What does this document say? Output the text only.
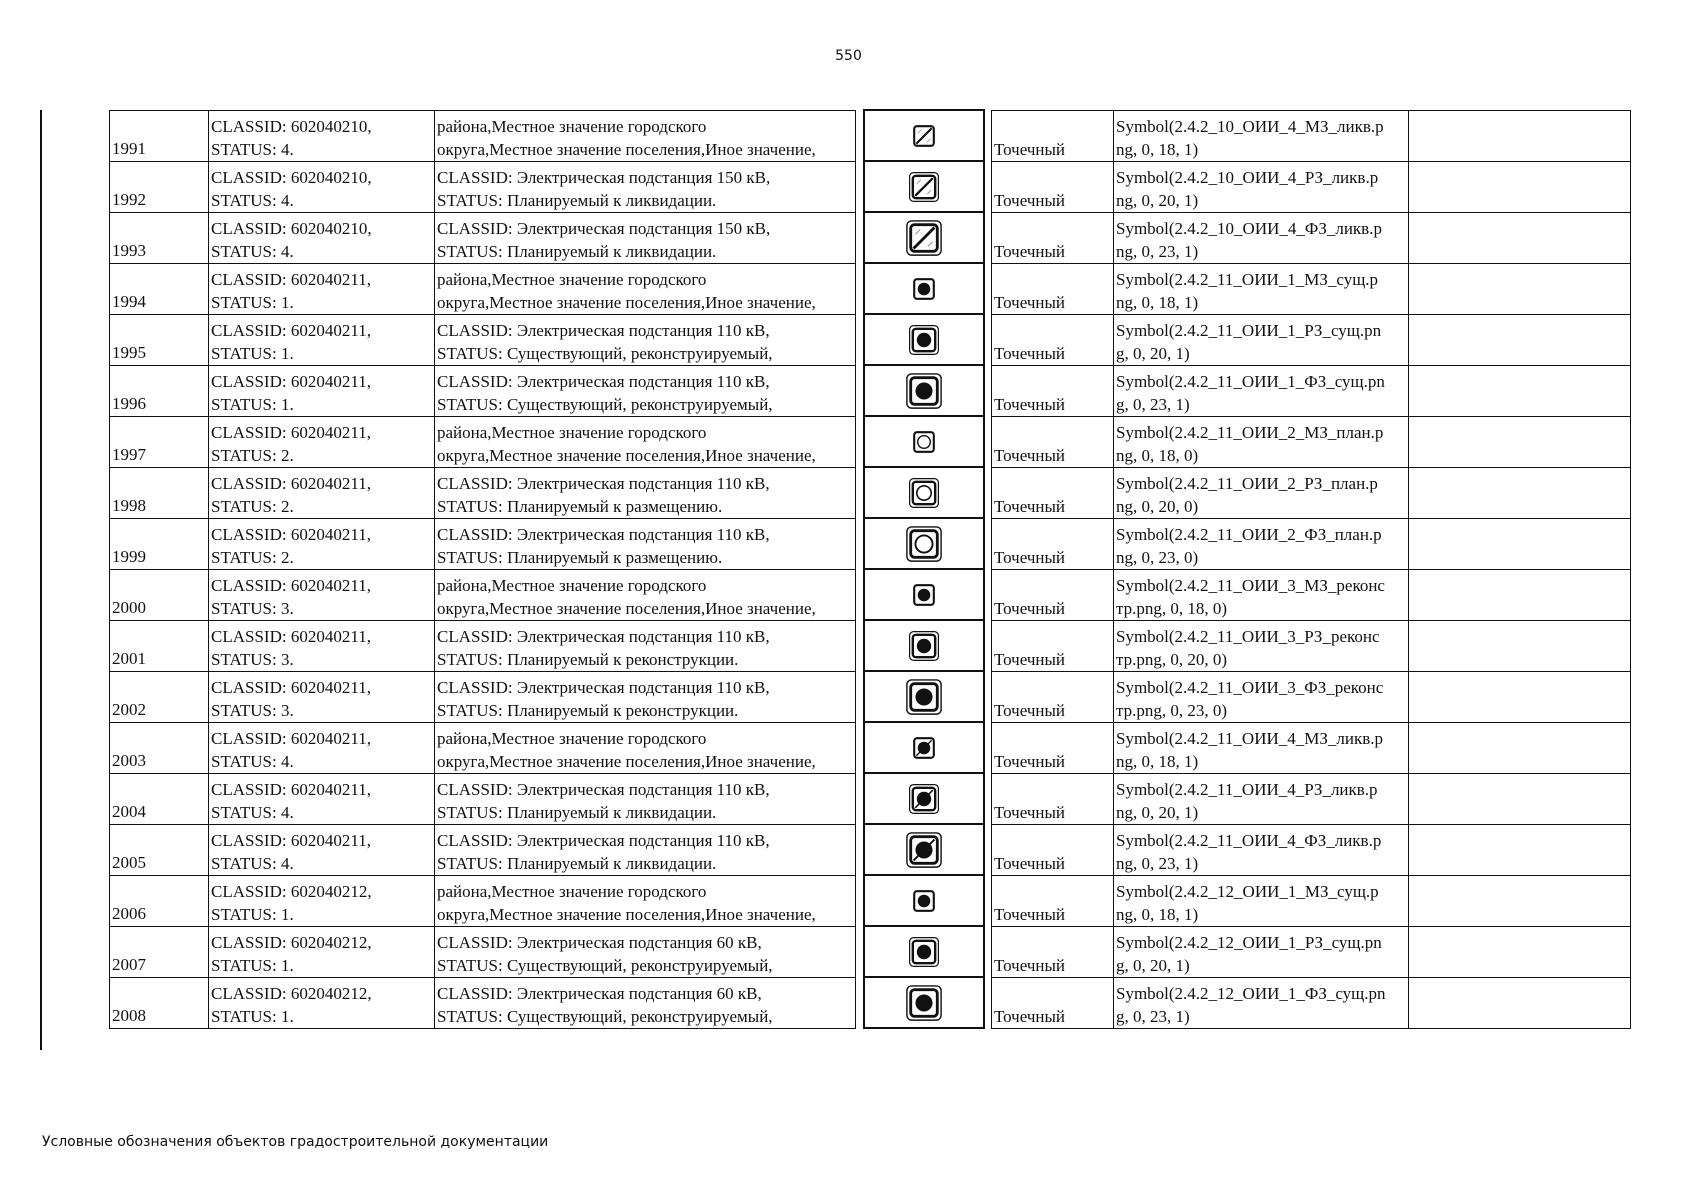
550
1991	CLASSID: 602040210,
STATUS: 4.	района,Местное значение городского
округа,Местное значение поселения,Иное значение,				Точечный	Symbol(2.4.2_10_ОИИ_4_МЗ_ликв.p
ng, 0, 18, 1)	

1992	CLASSID: 602040210,
STATUS: 4.	CLASSID: Электрическая подстанция 150 кВ,
STATUS: Планируемый к ликвидации.				Точечный	Symbol(2.4.2_10_ОИИ_4_РЗ_ликв.p
ng, 0, 20, 1)	

1993	CLASSID: 602040210,
STATUS: 4.	CLASSID: Электрическая подстанция 150 кВ,
STATUS: Планируемый к ликвидации.				Точечный	Symbol(2.4.2_10_ОИИ_4_ФЗ_ликв.p
ng, 0, 23, 1)	

1994	CLASSID: 602040211,
STATUS: 1.	района,Местное значение городского
округа,Местное значение поселения,Иное значение,				Точечный	Symbol(2.4.2_11_ОИИ_1_МЗ_сущ.p
ng, 0, 18, 1)	

1995	CLASSID: 602040211,
STATUS: 1.	CLASSID: Электрическая подстанция 110 кВ,
STATUS: Существующий, реконструируемый,				Точечный	Symbol(2.4.2_11_ОИИ_1_РЗ_сущ.pn
g, 0, 20, 1)	

1996	CLASSID: 602040211,
STATUS: 1.	CLASSID: Электрическая подстанция 110 кВ,
STATUS: Существующий, реконструируемый,				Точечный	Symbol(2.4.2_11_ОИИ_1_ФЗ_сущ.pn
g, 0, 23, 1)	

1997	CLASSID: 602040211,
STATUS: 2.	района,Местное значение городского
округа,Местное значение поселения,Иное значение,				Точечный	Symbol(2.4.2_11_ОИИ_2_МЗ_план.p
ng, 0, 18, 0)	

1998	CLASSID: 602040211,
STATUS: 2.	CLASSID: Электрическая подстанция 110 кВ,
STATUS: Планируемый к размещению.				Точечный	Symbol(2.4.2_11_ОИИ_2_РЗ_план.p
ng, 0, 20, 0)	

1999	CLASSID: 602040211,
STATUS: 2.	CLASSID: Электрическая подстанция 110 кВ,
STATUS: Планируемый к размещению.				Точечный	Symbol(2.4.2_11_ОИИ_2_ФЗ_план.p
ng, 0, 23, 0)	

2000	CLASSID: 602040211,
STATUS: 3.	района,Местное значение городского
округа,Местное значение поселения,Иное значение,				Точечный	Symbol(2.4.2_11_ОИИ_3_МЗ_реконс
тр.png, 0, 18, 0)	

2001	CLASSID: 602040211,
STATUS: 3.	CLASSID: Электрическая подстанция 110 кВ,
STATUS: Планируемый к реконструкции.				Точечный	Symbol(2.4.2_11_ОИИ_3_РЗ_реконс
тр.png, 0, 20, 0)	

2002	CLASSID: 602040211,
STATUS: 3.	CLASSID: Электрическая подстанция 110 кВ,
STATUS: Планируемый к реконструкции.				Точечный	Symbol(2.4.2_11_ОИИ_3_ФЗ_реконс
тр.png, 0, 23, 0)	

2003	CLASSID: 602040211,
STATUS: 4.	района,Местное значение городского
округа,Местное значение поселения,Иное значение,				Точечный	Symbol(2.4.2_11_ОИИ_4_МЗ_ликв.p
ng, 0, 18, 1)	

2004	CLASSID: 602040211,
STATUS: 4.	CLASSID: Электрическая подстанция 110 кВ,
STATUS: Планируемый к ликвидации.				Точечный	Symbol(2.4.2_11_ОИИ_4_РЗ_ликв.p
ng, 0, 20, 1)	

2005	CLASSID: 602040211,
STATUS: 4.	CLASSID: Электрическая подстанция 110 кВ,
STATUS: Планируемый к ликвидации.				Точечный	Symbol(2.4.2_11_ОИИ_4_ФЗ_ликв.p
ng, 0, 23, 1)	

2006	CLASSID: 602040212,
STATUS: 1.	района,Местное значение городского
округа,Местное значение поселения,Иное значение,				Точечный	Symbol(2.4.2_12_ОИИ_1_МЗ_сущ.p
ng, 0, 18, 1)	

2007	CLASSID: 602040212,
STATUS: 1.	CLASSID: Электрическая подстанция 60 кВ,
STATUS: Существующий, реконструируемый,				Точечный	Symbol(2.4.2_12_ОИИ_1_РЗ_сущ.pn
g, 0, 20, 1)	

2008	CLASSID: 602040212,
STATUS: 1.	CLASSID: Электрическая подстанция 60 кВ,
STATUS: Существующий, реконструируемый,				Точечный	Symbol(2.4.2_12_ОИИ_1_ФЗ_сущ.pn
g, 0, 23, 1)	

Условные обозначения объектов градостроительной документации
